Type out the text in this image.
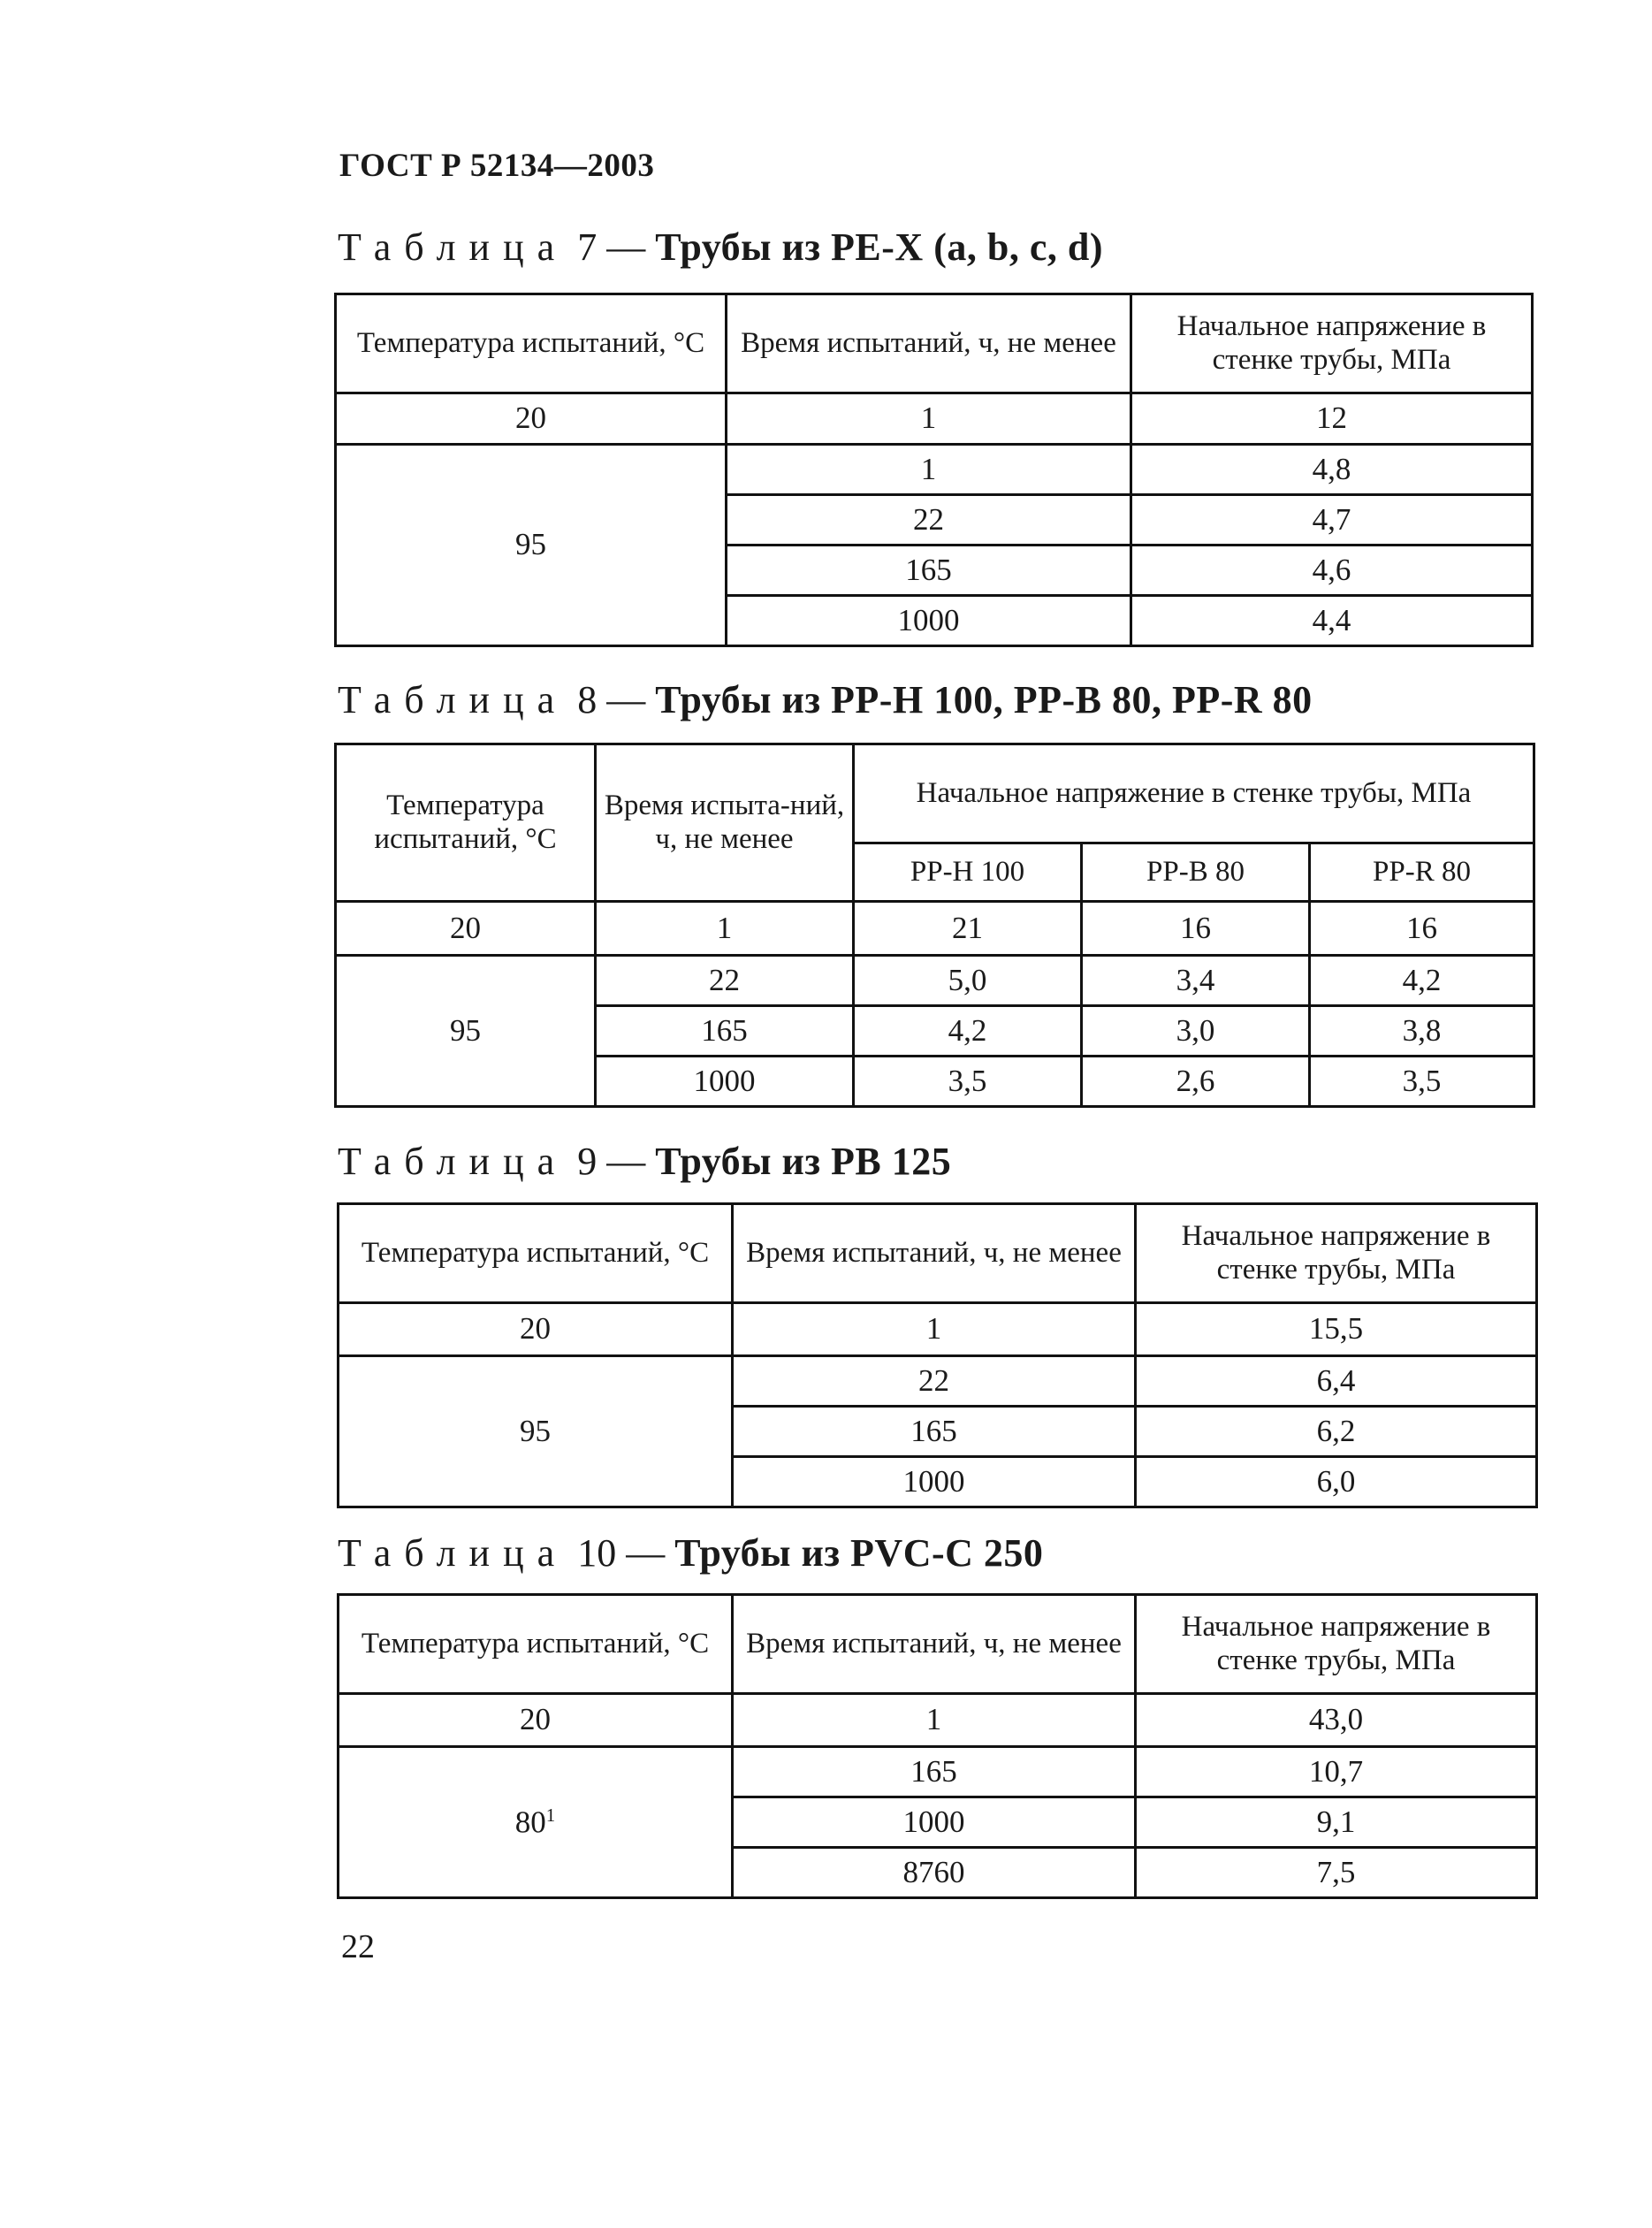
ГОСТ Р 52134—2003
Таблица 7 — Трубы из PE-X (a, b, c, d)
Температура испытаний, °С	Время испытаний, ч, не менее	Начальное напряжение в стенке трубы, МПа
20	1	12
95	1	4,8
	22	4,7
	165	4,6
	1000	4,4
Таблица 8 — Трубы из PP-H 100, PP-B 80, PP-R 80
Температура испытаний, °С	Время испыта-ний, ч, не менее	Начальное напряжение в стенке трубы, МПа		
		PP-H 100	PP-B 80	PP-R 80
20	1	21	16	16
95	22	5,0	3,4	4,2
	165	4,2	3,0	3,8
	1000	3,5	2,6	3,5
Таблица 9 — Трубы из PB 125
Температура испытаний, °С	Время испытаний, ч, не менее	Начальное напряжение в стенке трубы, МПа
20	1	15,5
95	22	6,4
	165	6,2
	1000	6,0
Таблица 10 — Трубы из PVC-C 250
Температура испытаний, °С	Время испытаний, ч, не менее	Начальное напряжение в стенке трубы, МПа
20	1	43,0
$80^1$	165	10,7
	1000	9,1
	8760	7,5
22
